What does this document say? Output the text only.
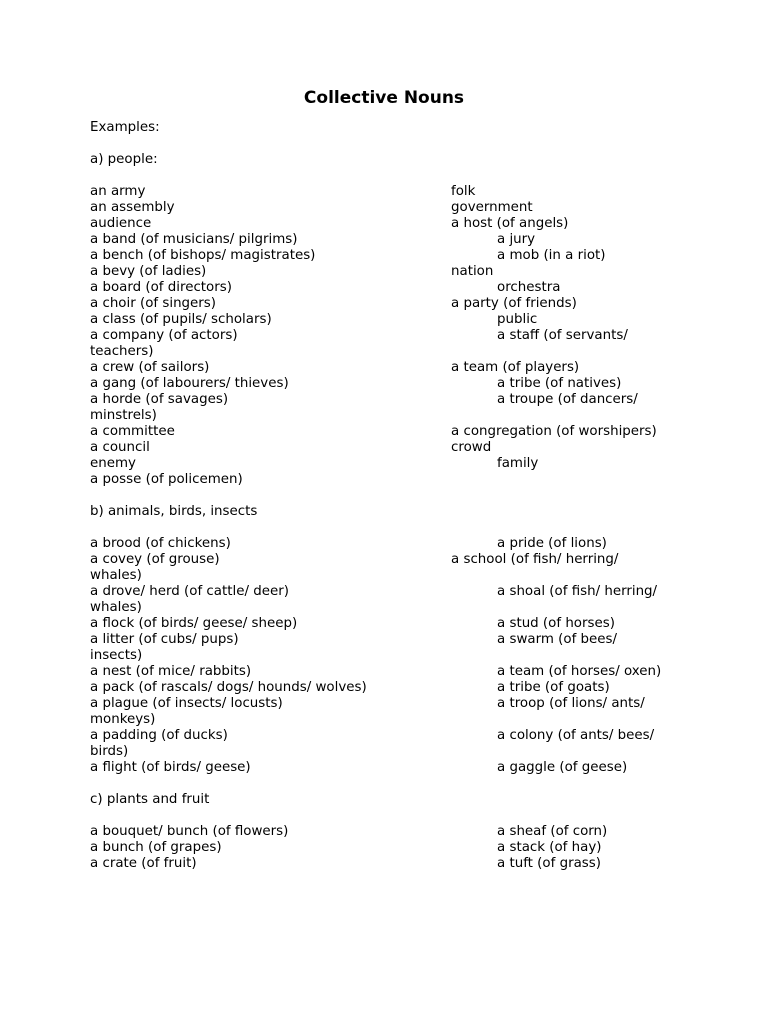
Collective Nouns
Examples:
a) people:
an army	folk
an assembly	government
audience	a host (of angels)
a band (of musicians/ pilgrims)	a jury
a bench (of bishops/ magistrates)	a mob (in a riot)
a bevy (of ladies)	nation
a board (of directors)	orchestra
a choir (of singers)	a party (of friends)
a class (of pupils/ scholars)	public
a company (of actors)	a staff (of servants/
teachers)
a crew (of sailors)	a team (of players)
a gang (of labourers/ thieves)	a tribe (of natives)
a horde (of savages)	a troupe (of dancers/
minstrels)
a committee	a congregation (of worshipers)
a council	crowd
enemy	family
a posse (of policemen)
b) animals, birds, insects
a brood (of chickens)	a pride (of lions)
a covey (of grouse)	a school (of fish/ herring/
whales)
a drove/ herd (of cattle/ deer)	a shoal (of fish/ herring/
whales)
a flock (of birds/ geese/ sheep)	a stud (of horses)
a litter (of cubs/ pups)	a swarm (of bees/
insects)
a nest (of mice/ rabbits)	a team (of horses/ oxen)
a pack (of rascals/ dogs/ hounds/ wolves)	a tribe (of goats)
a plague (of insects/ locusts)	a troop (of lions/ ants/
monkeys)
a padding (of ducks)	a colony (of ants/ bees/
birds)
a flight (of birds/ geese)	a gaggle (of geese)
c) plants and fruit
a bouquet/ bunch (of flowers)	a sheaf (of corn)
a bunch (of grapes)	a stack (of hay)
a crate (of fruit)	a tuft (of grass)
